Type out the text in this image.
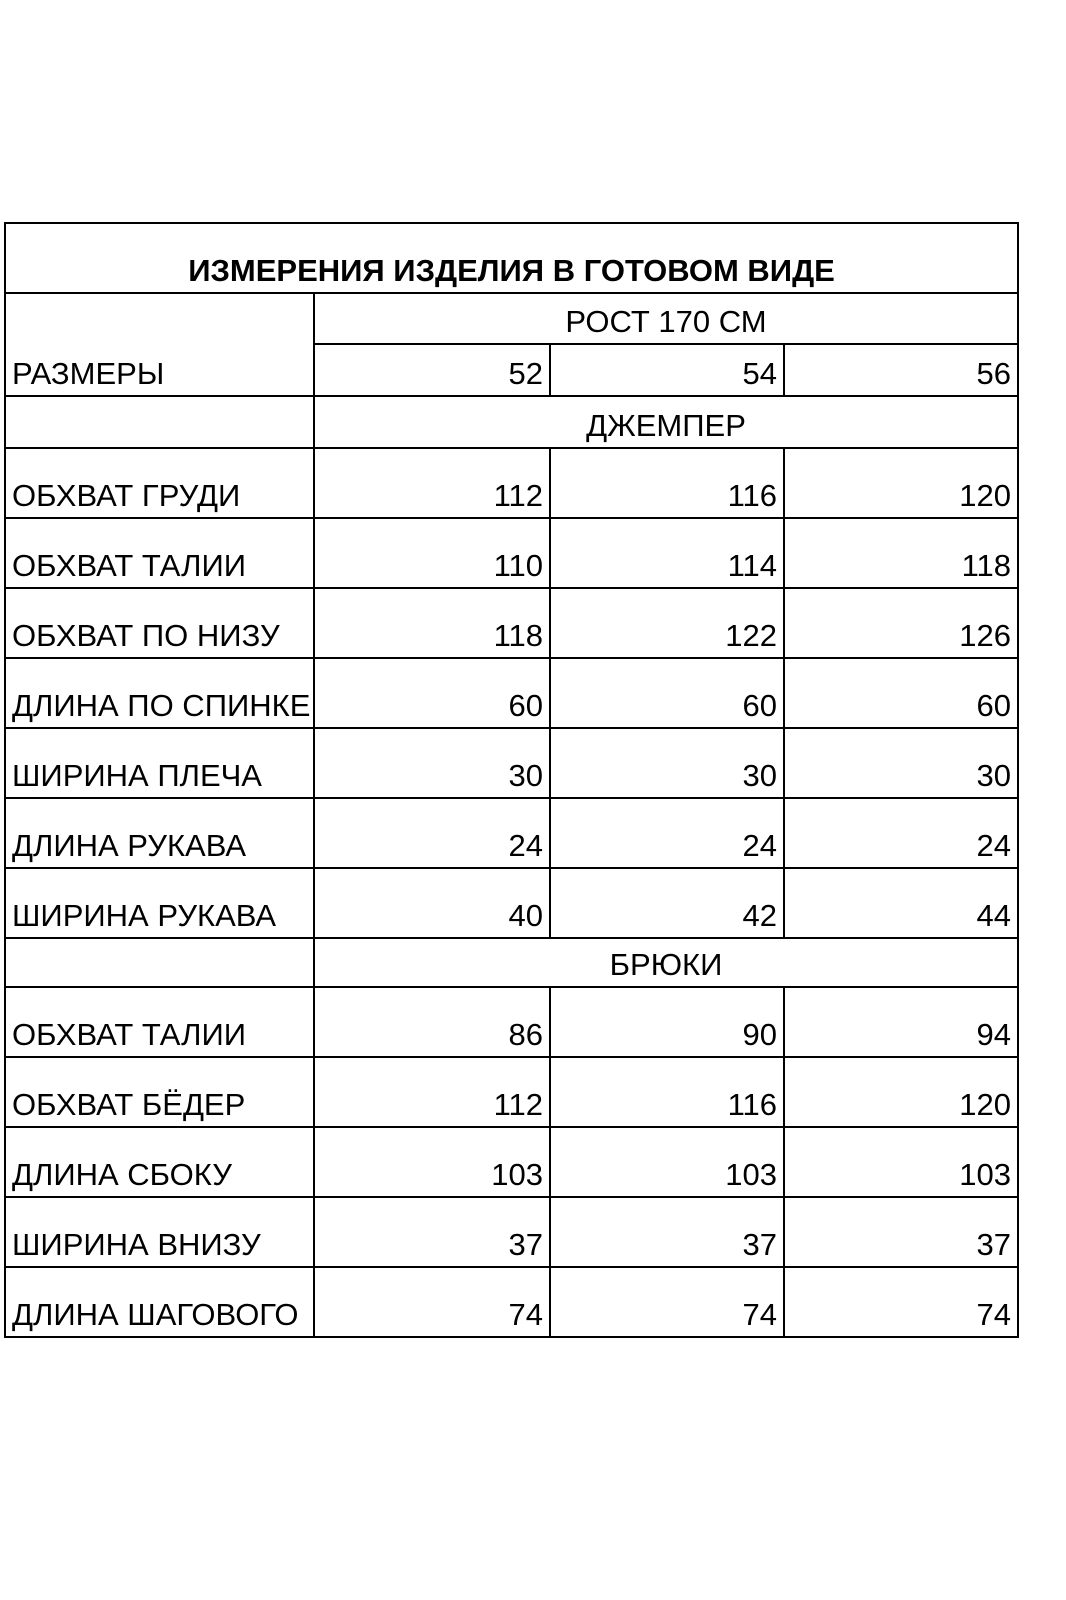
ИЗМЕРЕНИЯ ИЗДЕЛИЯ В ГОТОВОМ ВИДЕ			
РАЗМЕРЫ	РОСТ 170 СМ		
	52	54	56
	ДЖЕМПЕР		
ОБХВАТ ГРУДИ	112	116	120
ОБХВАТ ТАЛИИ	110	114	118
ОБХВАТ ПО НИЗУ	118	122	126
ДЛИНА ПО СПИНКЕ	60	60	60
ШИРИНА ПЛЕЧА	30	30	30
ДЛИНА РУКАВА	24	24	24
ШИРИНА РУКАВА	40	42	44
	БРЮКИ		
ОБХВАТ ТАЛИИ	86	90	94
ОБХВАТ БЁДЕР	112	116	120
ДЛИНА СБОКУ	103	103	103
ШИРИНА ВНИЗУ	37	37	37
ДЛИНА ШАГОВОГО	74	74	74
